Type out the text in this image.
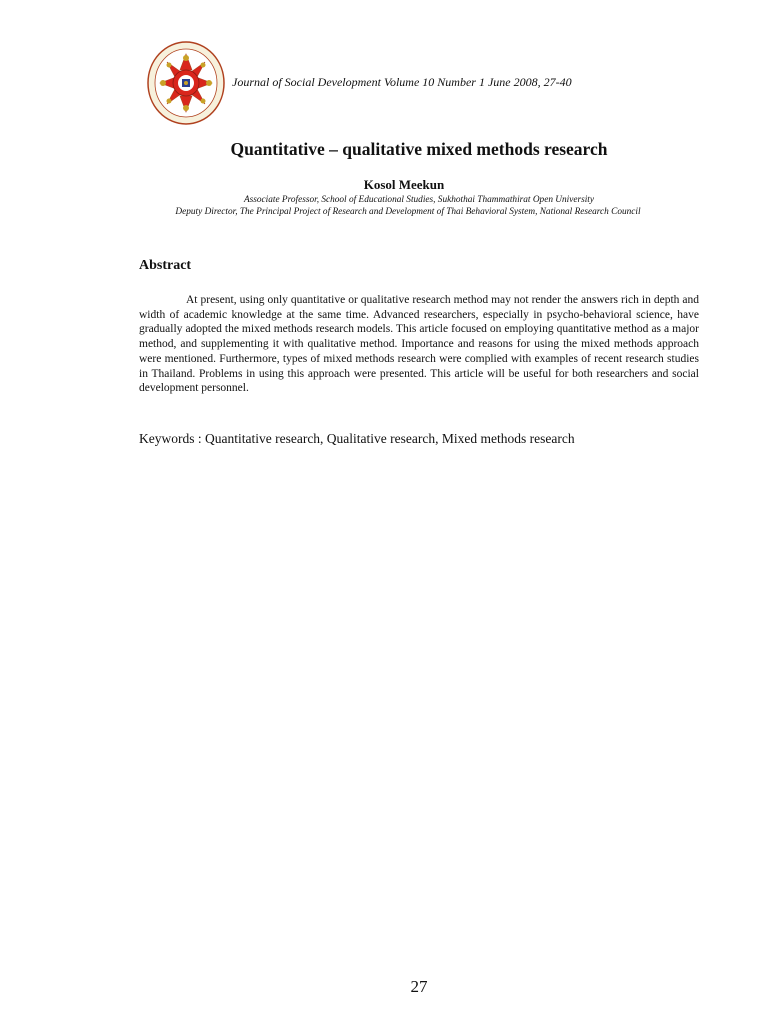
Journal of Social Development Volume 10 Number 1 June 2008, 27-40
Quantitative – qualitative mixed methods research
Kosol Meekun
Associate Professor, School of Educational Studies, Sukhothai Thammathirat Open University
Deputy Director, The Principal Project of Research and Development of Thai Behavioral System, National Research Council
Abstract
At present, using only quantitative or qualitative research method may not render the answers rich in depth and width of academic knowledge at the same time. Advanced researchers, especially in psycho-behavioral science, have gradually adopted the mixed methods research models. This article focused on employing quantitative method as a major method, and supplementing it with qualitative method. Importance and reasons for using the mixed methods approach were mentioned. Furthermore, types of mixed methods research were complied with examples of recent research studies in Thailand. Problems in using this approach were presented. This article will be useful for both researchers and social development personnel.
Keywords : Quantitative research, Qualitative research, Mixed methods research
27
